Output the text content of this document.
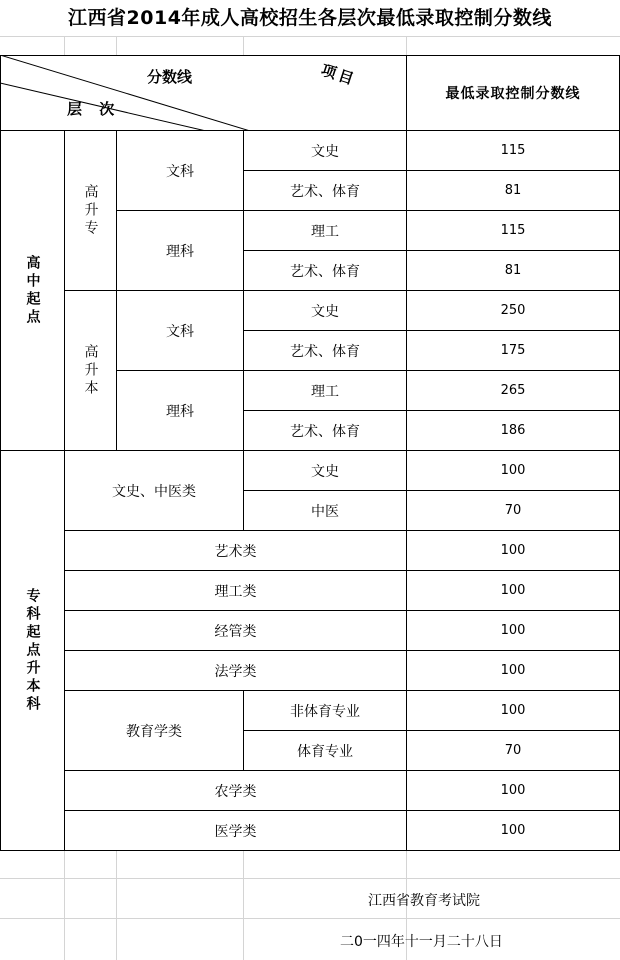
江西省2014年成人高校招生各层次最低录取控制分数线
分数线	项目
层 次
最低录取控制分数线
高中起点
专科起点升本科
高升专
高升本
文科
理科
文科
理科
文史
艺术、体育
理工
艺术、体育
文史
艺术、体育
理工
艺术、体育
文史、中医类
文史
中医
艺术类
理工类
经管类
法学类
教育学类
非体育专业
体育专业
农学类
医学类
115
81
115
81
250
175
265
186
100
70
100
100
100
100
100
70
100
100
江西省教育考试院
二0一四年十一月二十八日
